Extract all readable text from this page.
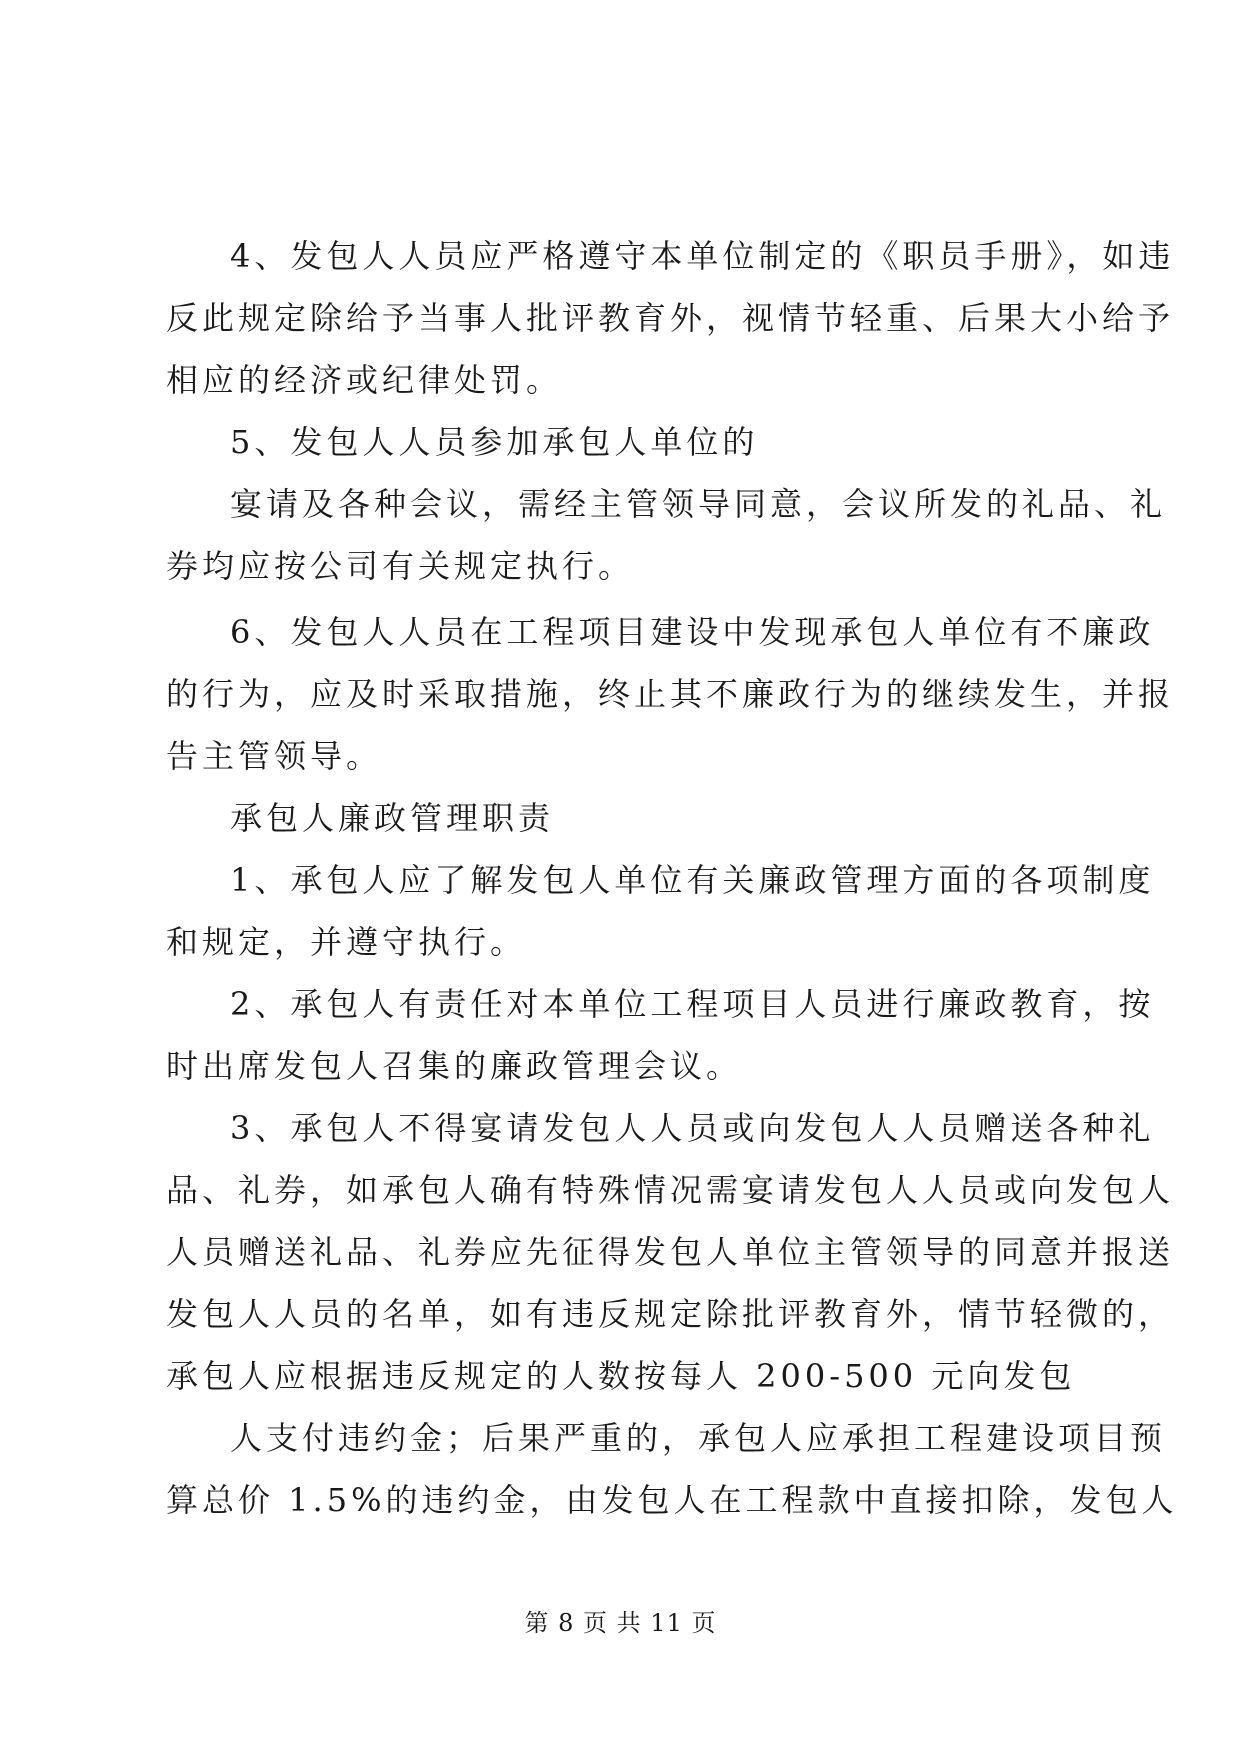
4、发包人人员应严格遵守本单位制定的《职员手册》，如违
反此规定除给予当事人批评教育外，视情节轻重、后果大小给予
相应的经济或纪律处罚。
5、发包人人员参加承包人单位的
宴请及各种会议，需经主管领导同意，会议所发的礼品、礼
券均应按公司有关规定执行。
6、发包人人员在工程项目建设中发现承包人单位有不廉政
的行为，应及时采取措施，终止其不廉政行为的继续发生，并报
告主管领导。
承包人廉政管理职责
1、承包人应了解发包人单位有关廉政管理方面的各项制度
和规定，并遵守执行。
2、承包人有责任对本单位工程项目人员进行廉政教育，按
时出席发包人召集的廉政管理会议。
3、承包人不得宴请发包人人员或向发包人人员赠送各种礼
品、礼券，如承包人确有特殊情况需宴请发包人人员或向发包人
人员赠送礼品、礼券应先征得发包人单位主管领导的同意并报送
发包人人员的名单，如有违反规定除批评教育外，情节轻微的，
承包人应根据违反规定的人数按每人 200-500 元向发包
人支付违约金；后果严重的，承包人应承担工程建设项目预
算总价 1.5%的违约金，由发包人在工程款中直接扣除，发包人
第 8 页 共 11 页
